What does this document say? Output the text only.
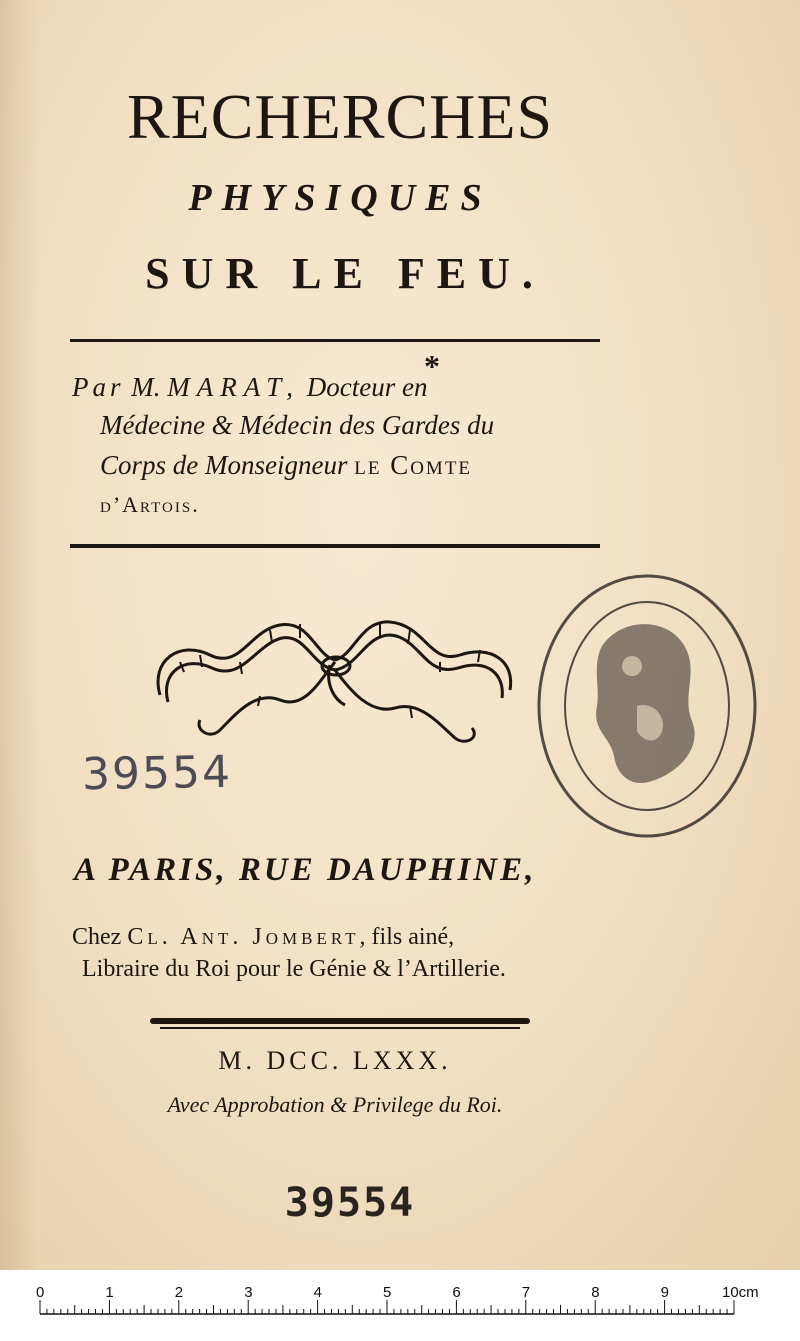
RECHERCHES
PHYSIQUES
SUR LE FEU.
*
Par M. MARAT, Docteur en
Médecine & Médecin des Gardes du
Corps de Monseigneur le Comte
d’Artois.
39554
A PARIS, RUE DAUPHINE,
Chez Cl. Ant. Jombert, fils ainé,
Libraire du Roi pour le Génie & l’Artillerie.
M. DCC. LXXX.
Avec Approbation & Privilege du Roi.
39554
0	1	2	3	4	5	6	7	8	9	10cm
